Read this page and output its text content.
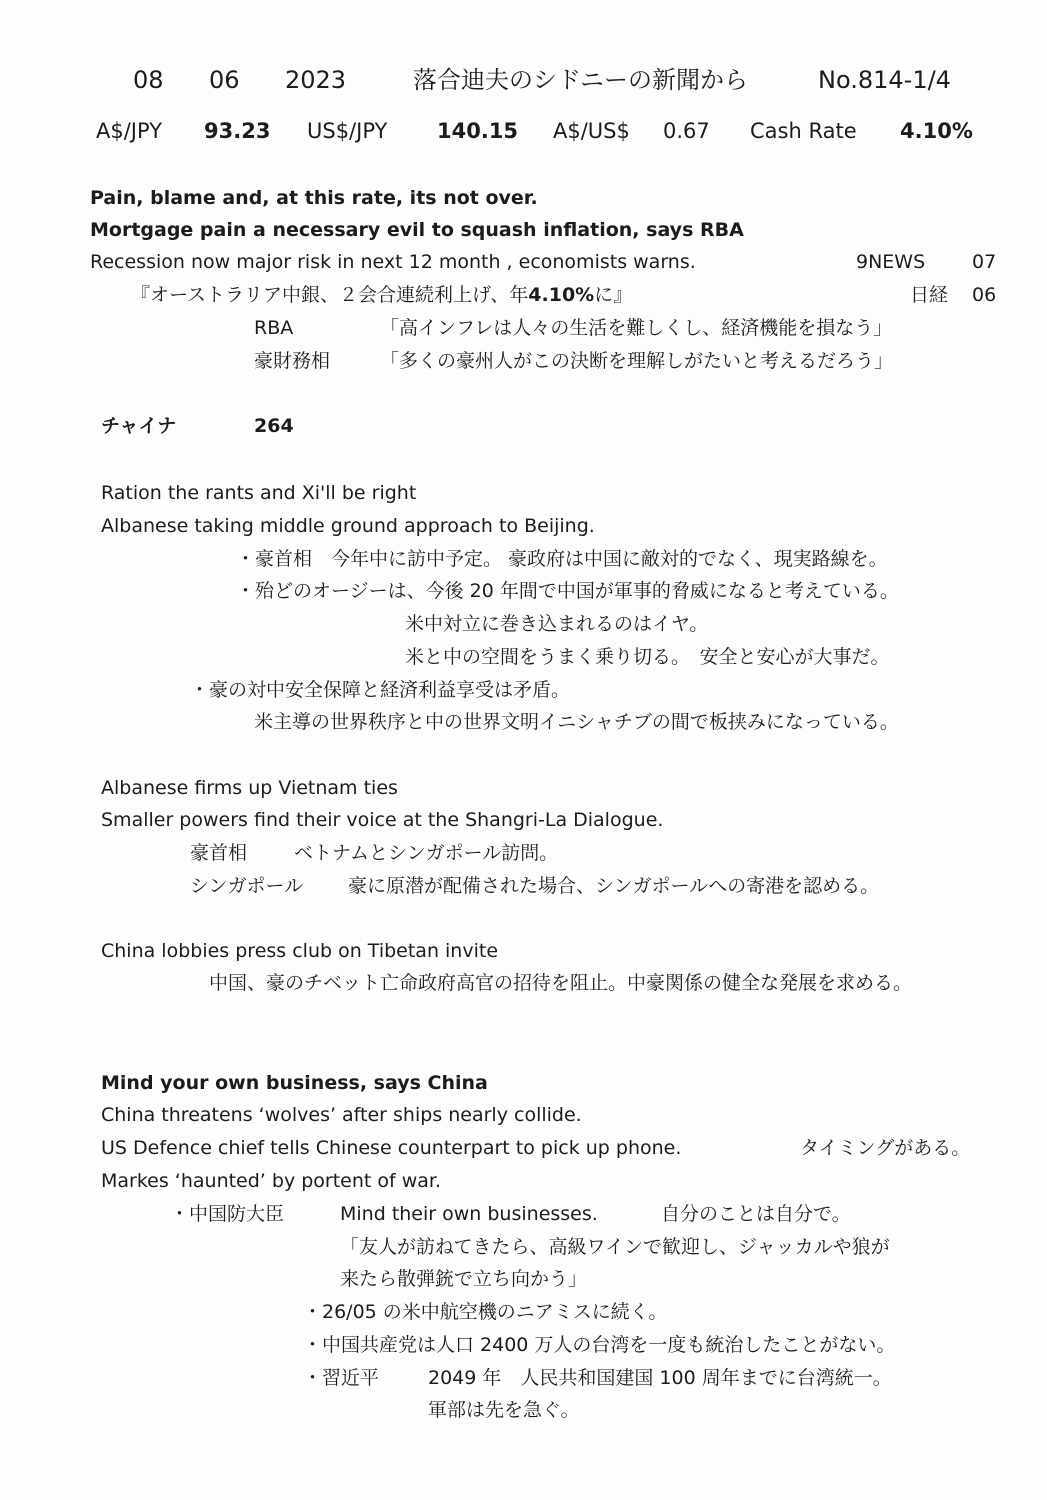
08 06 2023	落合迪夫のシドニーの新聞から	No.814-1/4
A$/JPY 93.23 US$/JPY 140.15 A$/US$ 0.67 Cash Rate 4.10%
Pain, blame and, at this rate, its not over.
Mortgage pain a necessary evil to squash inflation, says RBA
Recession now major risk in next 12 month , economists warns.	9NEWS 07
『オーストラリア中銀、２会合連続利上げ、年4.10%に』	日経 06
RBA	「高インフレは人々の生活を難しくし、経済機能を損なう」
豪財務相	「多くの豪州人がこの決断を理解しがたいと考えるだろう」
チャイナ	264
Ration the rants and Xi'll be right
Albanese taking middle ground approach to Beijing.
・豪首相　今年中に訪中予定。 豪政府は中国に敵対的でなく、現実路線を。
・殆どのオージーは、今後 20 年間で中国が軍事的脅威になると考えている。
米中対立に巻き込まれるのはイヤ。
米と中の空間をうまく乗り切る。　安全と安心が大事だ。
・豪の対中安全保障と経済利益享受は矛盾。
米主導の世界秩序と中の世界文明イニシャチブの間で板挟みになっている。
Albanese firms up Vietnam ties
Smaller powers find their voice at the Shangri-La Dialogue.
豪首相 ベトナムとシンガポール訪問。
シンガポール 豪に原潜が配備された場合、シンガポールへの寄港を認める。
China lobbies press club on Tibetan invite
中国、豪のチベット亡命政府高官の招待を阻止。中豪関係の健全な発展を求める。
Mind your own business, says China
China threatens ‘wolves’ after ships nearly collide.
US Defence chief tells Chinese counterpart to pick up phone.	タイミングがある。
Markes ‘haunted’ by portent of war.
・中国防大臣	Mind their own businesses.	自分のことは自分で。
「友人が訪ねてきたら、高級ワインで歓迎し、ジャッカルや狼が
来たら散弾銃で立ち向かう」
・26/05 の米中航空機のニアミスに続く。
・中国共産党は人口 2400 万人の台湾を一度も統治したことがない。
・習近平	2049 年　人民共和国建国 100 周年までに台湾統一。
軍部は先を急ぐ。
